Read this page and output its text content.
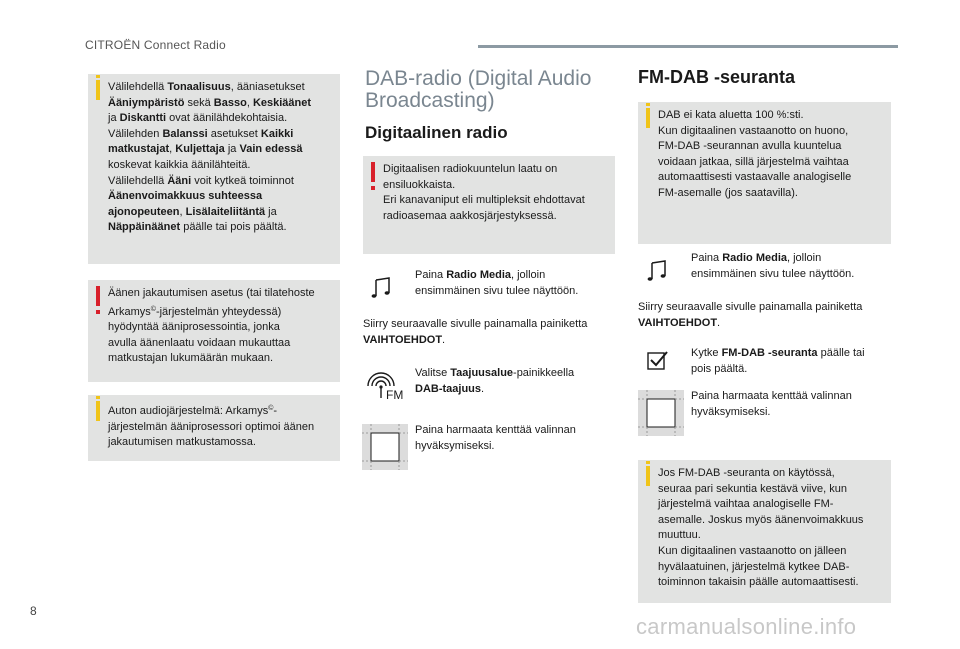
CITROËN Connect Radio
Välilehdellä Tonaalisuus, ääniasetukset
Ääniympäristö sekä Basso, Keskiäänet
ja Diskantti ovat äänilähdekohtaisia.
Välilehden Balanssi asetukset Kaikki
matkustajat, Kuljettaja ja Vain edessä
koskevat kaikkia äänilähteitä.
Välilehdellä Ääni voit kytkeä toiminnot
Äänenvoimakkuus suhteessa
ajonopeuteen, Lisälaiteliitäntä ja
Näppäinäänet päälle tai pois päältä.
Äänen jakautumisen asetus (tai tilatehoste
Arkamys©-järjestelmän yhteydessä)
hyödyntää ääniprosessointia, jonka
avulla äänenlaatu voidaan mukauttaa
matkustajan lukumäärän mukaan.
Auton audiojärjestelmä: Arkamys©-
järjestelmän ääniprosessori optimoi äänen
jakautumisen matkustamossa.
DAB-radio (Digital Audio
Broadcasting)
Digitaalinen radio
Digitaalisen radiokuuntelun laatu on
ensiluokkaista.
Eri kanavaniput eli multipleksit ehdottavat
radioasemaa aakkosjärjestyksessä.
Paina Radio Media, jolloin
ensimmäinen sivu tulee näyttöön.
Siirry seuraavalle sivulle painamalla painiketta
VAIHTOEHDOT.
FM
Valitse Taajuusalue-painikkeella
DAB-taajuus.
Paina harmaata kenttää valinnan
hyväksymiseksi.
FM-DAB -seuranta
DAB ei kata aluetta 100 %:sti.
Kun digitaalinen vastaanotto on huono,
FM-DAB -seurannan avulla kuuntelua
voidaan jatkaa, sillä järjestelmä vaihtaa
automaattisesti vastaavalle analogiselle
FM-asemalle (jos saatavilla).
Paina Radio Media, jolloin
ensimmäinen sivu tulee näyttöön.
Siirry seuraavalle sivulle painamalla painiketta
VAIHTOEHDOT.
Kytke FM-DAB -seuranta päälle tai
pois päältä.
Paina harmaata kenttää valinnan
hyväksymiseksi.
Jos FM-DAB -seuranta on käytössä,
seuraa pari sekuntia kestävä viive, kun
järjestelmä vaihtaa analogiselle FM-
asemalle. Joskus myös äänenvoimakkuus
muuttuu.
Kun digitaalinen vastaanotto on jälleen
hyvälaatuinen, järjestelmä kytkee DAB-
toiminnon takaisin päälle automaattisesti.
8
carmanualsonline.info
